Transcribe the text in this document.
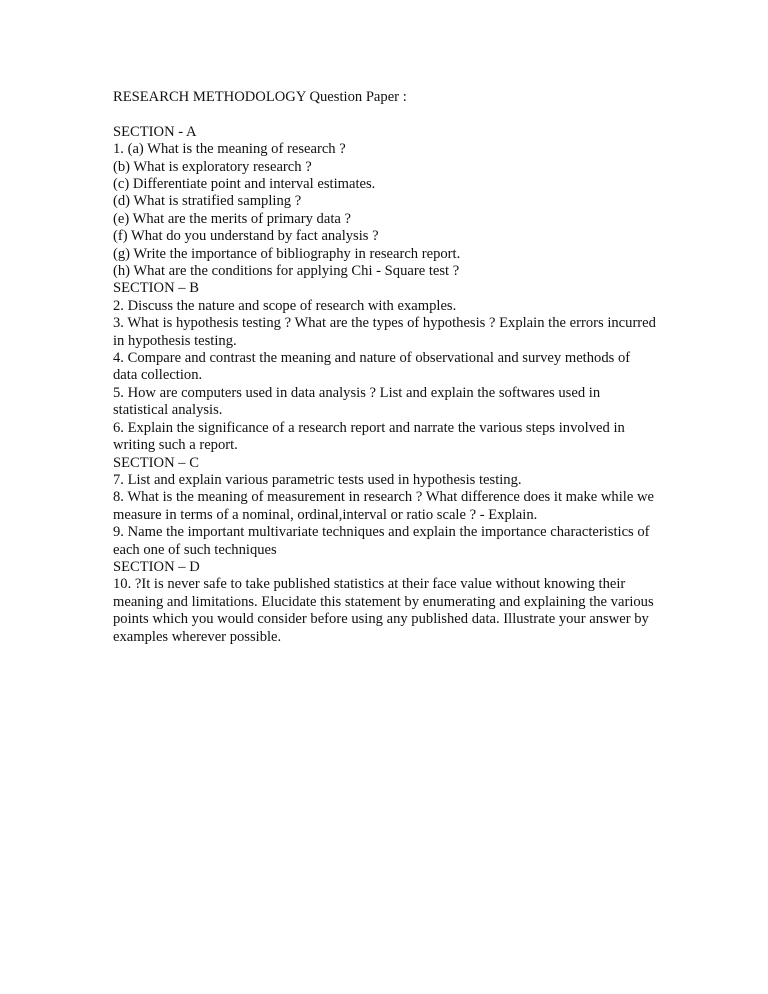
RESEARCH METHODOLOGY Question Paper :

SECTION - A

1. (a) What is the meaning of research ?

(b) What is exploratory research ?

(c) Differentiate point and interval estimates.

(d) What is stratified sampling ?

(e) What are the merits of primary data ?

(f) What do you understand by fact analysis ?

(g) Write the importance of bibliography in research report.

(h) What are the conditions for applying Chi - Square test ?

SECTION – B

2. Discuss the nature and scope of research with examples.

3. What is hypothesis testing ? What are the types of hypothesis ? Explain the errors incurred in hypothesis testing.

4. Compare and contrast the meaning and nature of observational and survey methods of data collection.

5. How are computers used in data analysis ? List and explain the softwares used in statistical analysis.

6. Explain the significance of a research report and narrate the various steps involved in writing such a report.

SECTION – C

7. List and explain various parametric tests used in hypothesis testing.

8. What is the meaning of measurement in research ? What difference does it make while we measure in terms of a nominal, ordinal,interval or ratio scale ? - Explain.

9. Name the important multivariate techniques and explain the importance characteristics of each one of such techniques

SECTION – D

10. ?It is never safe to take published statistics at their face value without knowing their meaning and limitations. Elucidate this statement by enumerating and explaining the various points which you would consider before using any published data. Illustrate your answer by examples wherever possible.
